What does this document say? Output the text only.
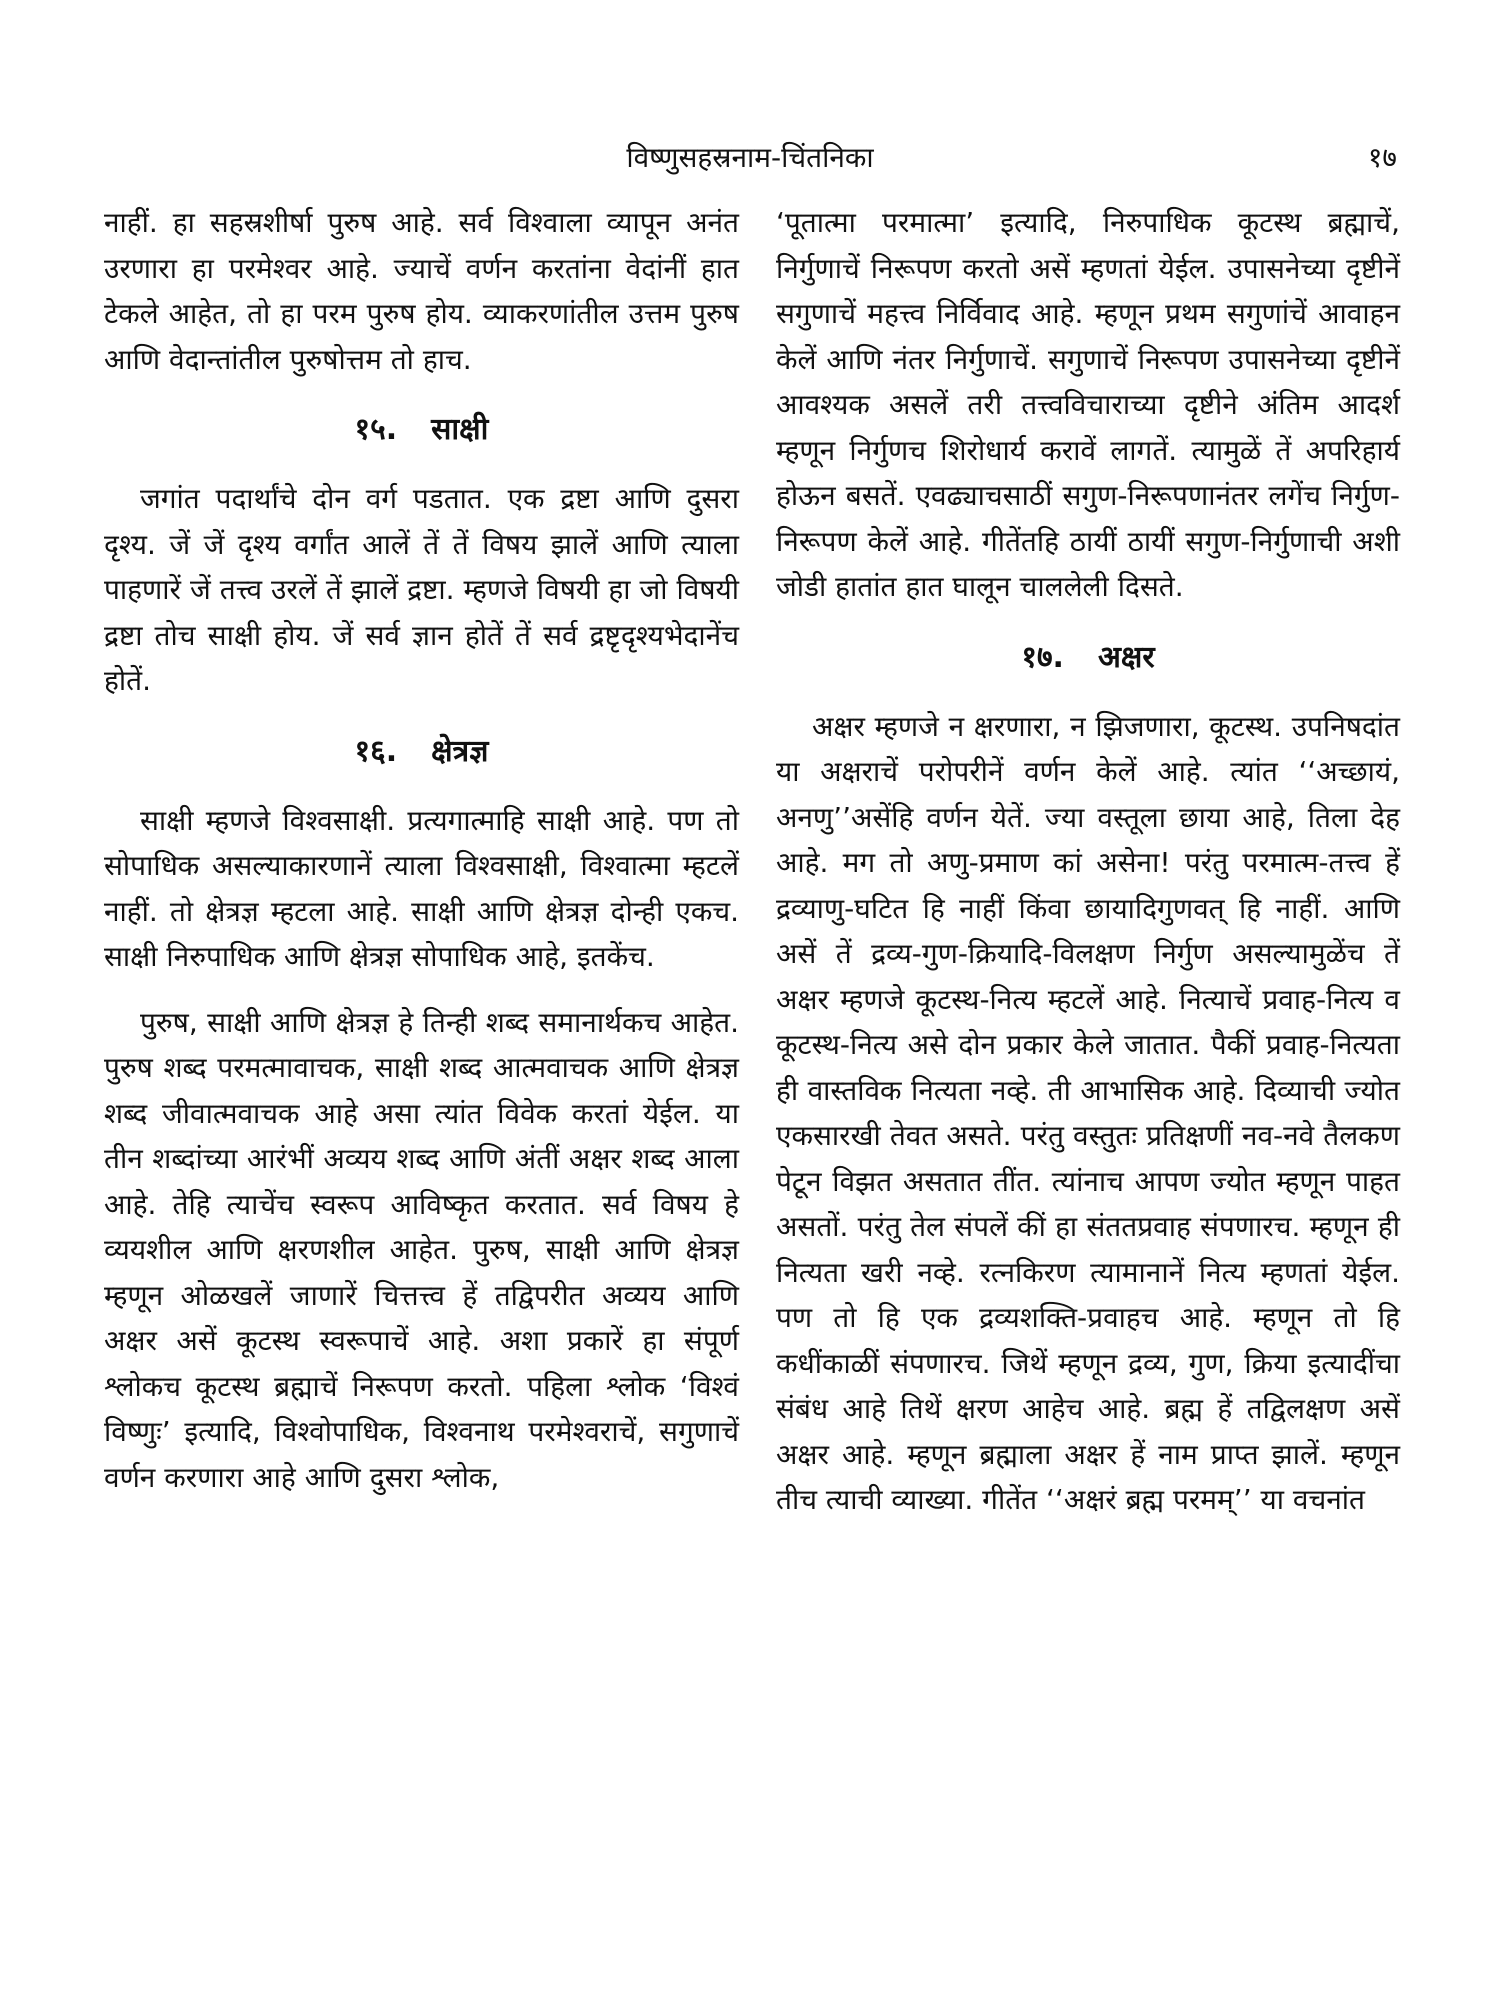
विष्णुसहस्रनाम-चिंतनिका	१७

नाहीं. हा सहस्रशीर्षा पुरुष आहे. सर्व विश्वाला व्यापून अनंत उरणारा हा परमेश्वर आहे. ज्याचें वर्णन करतांना वेदांनीं हात टेकले आहेत, तो हा परम पुरुष होय. व्याकरणांतील उत्तम पुरुष आणि वेदान्तांतील पुरुषोत्तम तो हाच.

१५. साक्षी

जगांत पदार्थांचे दोन वर्ग पडतात. एक द्रष्टा आणि दुसरा दृश्य. जें जें दृश्य वर्गांत आलें तें तें विषय झालें आणि त्याला पाहणारें जें तत्त्व उरलें तें झालें द्रष्टा. म्हणजे विषयी हा जो विषयी द्रष्टा तोच साक्षी होय. जें सर्व ज्ञान होतें तें सर्व द्रष्टृदृश्यभेदानेंच होतें.

१६. क्षेत्रज्ञ

साक्षी म्हणजे विश्वसाक्षी. प्रत्यगात्माहि साक्षी आहे. पण तो सोपाधिक असल्याकारणानें त्याला विश्वसाक्षी, विश्वात्मा म्हटलें नाहीं. तो क्षेत्रज्ञ म्हटला आहे. साक्षी आणि क्षेत्रज्ञ दोन्ही एकच. साक्षी निरुपाधिक आणि क्षेत्रज्ञ सोपाधिक आहे, इतकेंच.

पुरुष, साक्षी आणि क्षेत्रज्ञ हे तिन्ही शब्द समानार्थकच आहेत. पुरुष शब्द परमत्मावाचक, साक्षी शब्द आत्मवाचक आणि क्षेत्रज्ञ शब्द जीवात्मवाचक आहे असा त्यांत विवेक करतां येईल. या तीन शब्दांच्या आरंभीं अव्यय शब्द आणि अंतीं अक्षर शब्द आला आहे. तेहि त्याचेंच स्वरूप आविष्कृत करतात. सर्व विषय हे व्ययशील आणि क्षरणशील आहेत. पुरुष, साक्षी आणि क्षेत्रज्ञ म्हणून ओळखलें जाणारें चित्तत्त्व हें तद्विपरीत अव्यय आणि अक्षर असें कूटस्थ स्वरूपाचें आहे. अशा प्रकारें हा संपूर्ण श्लोकच कूटस्थ ब्रह्माचें निरूपण करतो. पहिला श्लोक ‘विश्वं विष्णुः’ इत्यादि, विश्वोपाधिक, विश्वनाथ परमेश्वराचें, सगुणाचें वर्णन करणारा आहे आणि दुसरा श्लोक,

‘पूतात्मा परमात्मा’ इत्यादि, निरुपाधिक कूटस्थ ब्रह्माचें, निर्गुणाचें निरूपण करतो असें म्हणतां येईल. उपासनेच्या दृष्टीनें सगुणाचें महत्त्व निर्विवाद आहे. म्हणून प्रथम सगुणांचें आवाहन केलें आणि नंतर निर्गुणाचें. सगुणाचें निरूपण उपासनेच्या दृष्टीनें आवश्यक असलें तरी तत्त्वविचाराच्या दृष्टीने अंतिम आदर्श म्हणून निर्गुणच शिरोधार्य करावें लागतें. त्यामुळें तें अपरिहार्य होऊन बसतें. एवढ्याचसाठीं सगुण-निरूपणानंतर लगेंच निर्गुण-निरूपण केलें आहे. गीतेंतहि ठायीं ठायीं सगुण-निर्गुणाची अशी जोडी हातांत हात घालून चाललेली दिसते.

१७. अक्षर

अक्षर म्हणजे न क्षरणारा, न झिजणारा, कूटस्थ. उपनिषदांत या अक्षराचें परोपरीनें वर्णन केलें आहे. त्यांत ‘‘अच्छायं, अनणु’’असेंहि वर्णन येतें. ज्या वस्तूला छाया आहे, तिला देह आहे. मग तो अणु-प्रमाण कां असेना! परंतु परमात्म-तत्त्व हें द्रव्याणु-घटित हि नाहीं किंवा छायादिगुणवत् हि नाहीं. आणि असें तें द्रव्य-गुण-क्रियादि-विलक्षण निर्गुण असल्यामुळेंच तें अक्षर म्हणजे कूटस्थ-नित्य म्हटलें आहे. नित्याचें प्रवाह-नित्य व कूटस्थ-नित्य असे दोन प्रकार केले जातात. पैकीं प्रवाह-नित्यता ही वास्तविक नित्यता नव्हे. ती आभासिक आहे. दिव्याची ज्योत एकसारखी तेवत असते. परंतु वस्तुतः प्रतिक्षणीं नव-नवे तैलकण पेटून विझत असतात तींत. त्यांनाच आपण ज्योत म्हणून पाहत असतों. परंतु तेल संपलें कीं हा संततप्रवाह संपणारच. म्हणून ही नित्यता खरी नव्हे. रत्नकिरण त्यामानानें नित्य म्हणतां येईल. पण तो हि एक द्रव्यशक्ति-प्रवाहच आहे. म्हणून तो हि कधींकाळीं संपणारच. जिथें म्हणून द्रव्य, गुण, क्रिया इत्यादींचा संबंध आहे तिथें क्षरण आहेच आहे. ब्रह्म हें तद्विलक्षण असें अक्षर आहे. म्हणून ब्रह्माला अक्षर हें नाम प्राप्त झालें. म्हणून तीच त्याची व्याख्या. गीतेंत ‘‘अक्षरं ब्रह्म परमम्’’ या वचनांत
